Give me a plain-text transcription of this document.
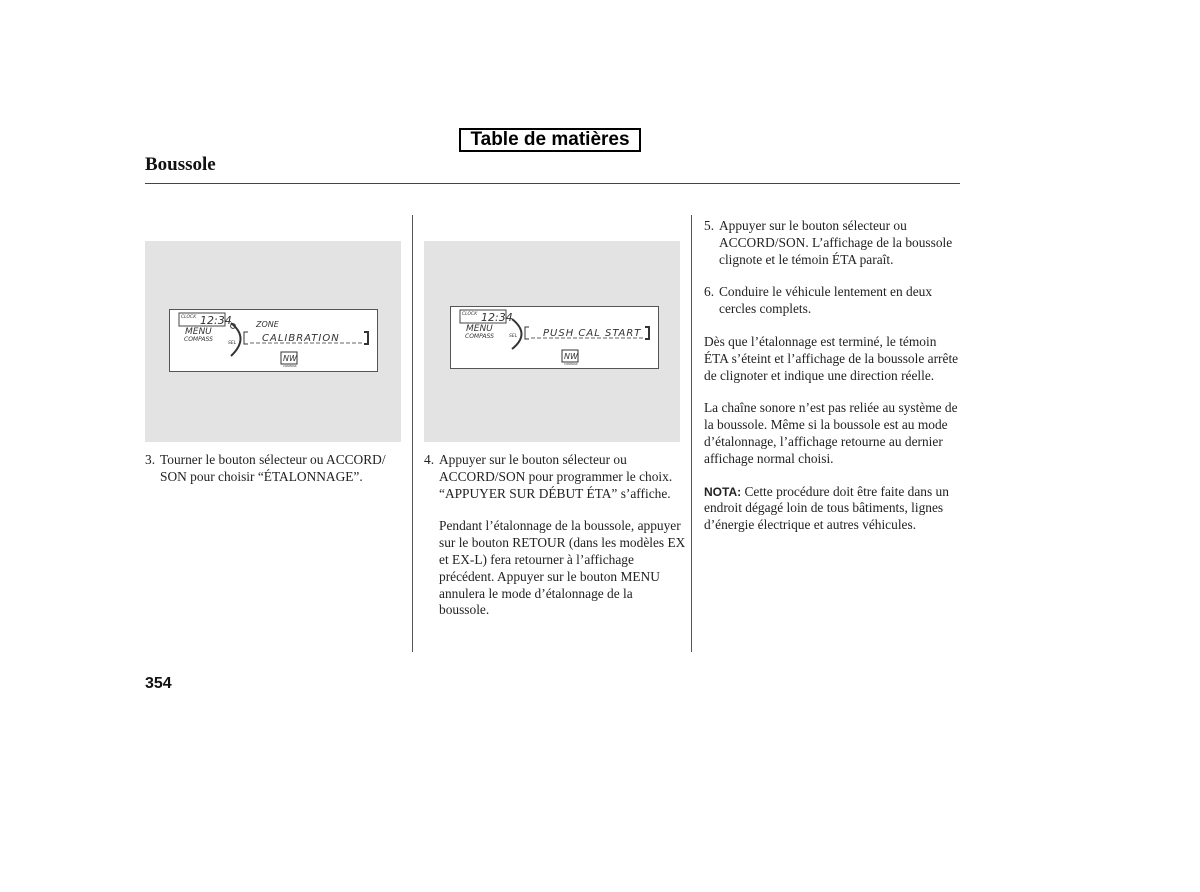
Table de matières
Boussole
CLOCK 12:34
MENU
COMPASS
SEL
ZONE
CALIBRATION
NW
COMPASS
CLOCK 12:34
MENU
COMPASS	SEL	PUSH CAL START
NW
COMPASS
3. Tourner le bouton sélecteur ou ACCORD/ SON pour choisir “ÉTALONNAGE”.
4. Appuyer sur le bouton sélecteur ou ACCORD/SON pour programmer le choix. “APPUYER SUR DÉBUT ÉTA” s’affiche.

Pendant l’étalonnage de la boussole, appuyer sur le bouton RETOUR (dans les modèles EX et EX-L) fera retourner à l’affichage précédent. Appuyer sur le bouton MENU annulera le mode d’étalonnage de la boussole.

5. Appuyer sur le bouton sélecteur ou ACCORD/SON. L’affichage de la boussole clignote et le témoin ÉTA paraît.
6. Conduire le véhicule lentement en deux cercles complets.

Dès que l’étalonnage est terminé, le témoin ÉTA s’éteint et l’affichage de la boussole arrête de clignoter et indique une direction réelle.

La chaîne sonore n’est pas reliée au système de la boussole. Même si la boussole est au mode d’étalonnage, l’affichage retourne au dernier affichage normal choisi.

NOTA: Cette procédure doit être faite dans un endroit dégagé loin de tous bâtiments, lignes d’énergie électrique et autres véhicules.

354
